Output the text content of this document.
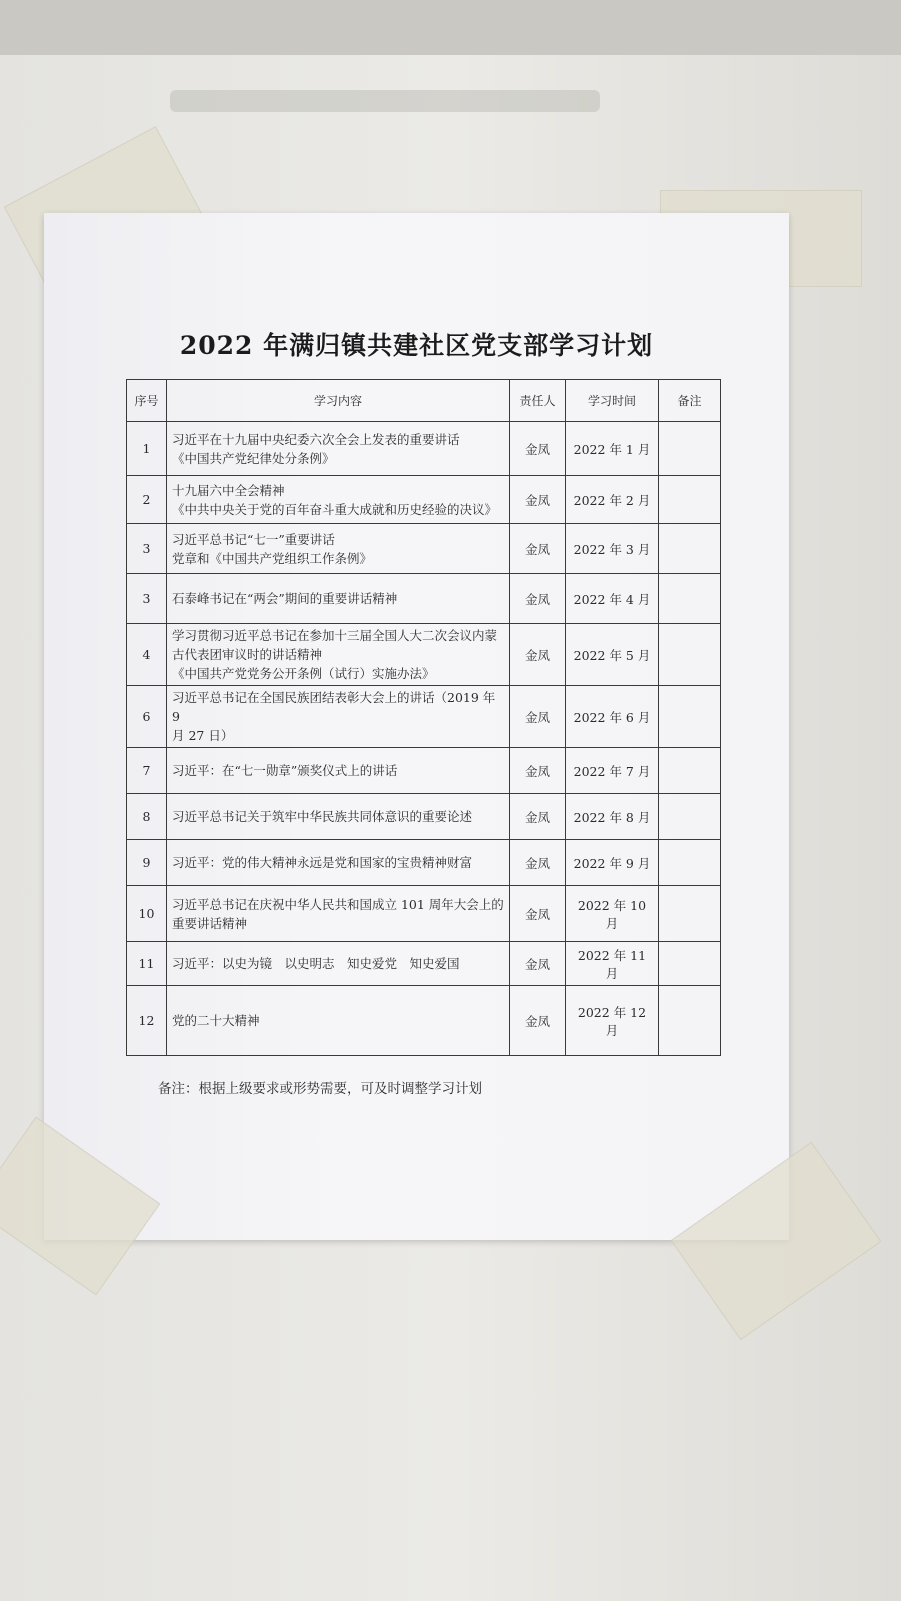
2022 年满归镇共建社区党支部学习计划
序号	学习内容	责任人	学习时间	备注
1	习近平在十九届中央纪委六次全会上发表的重要讲话
《中国共产党纪律处分条例》	金凤	2022 年 1 月	
2	十九届六中全会精神
《中共中央关于党的百年奋斗重大成就和历史经验的决议》	金凤	2022 年 2 月	
3	习近平总书记“七一”重要讲话
党章和《中国共产党组织工作条例》	金凤	2022 年 3 月	
3	石泰峰书记在“两会”期间的重要讲话精神	金凤	2022 年 4 月	
4	学习贯彻习近平总书记在参加十三届全国人大二次会议内蒙
古代表团审议时的讲话精神
《中国共产党党务公开条例（试行）实施办法》	金凤	2022 年 5 月	
6	习近平总书记在全国民族团结表彰大会上的讲话（2019 年 9
月 27 日）	金凤	2022 年 6 月	
7	习近平：在“七一勋章”颁奖仪式上的讲话	金凤	2022 年 7 月	
8	习近平总书记关于筑牢中华民族共同体意识的重要论述	金凤	2022 年 8 月	
9	习近平：党的伟大精神永远是党和国家的宝贵精神财富	金凤	2022 年 9 月	
10	习近平总书记在庆祝中华人民共和国成立 101 周年大会上的
重要讲话精神	金凤	2022 年 10 月	
11	习近平：以史为镜　以史明志　知史爱党　知史爱国	金凤	2022 年 11 月	
12	党的二十大精神	金凤	2022 年 12 月	
备注：根据上级要求或形势需要，可及时调整学习计划
